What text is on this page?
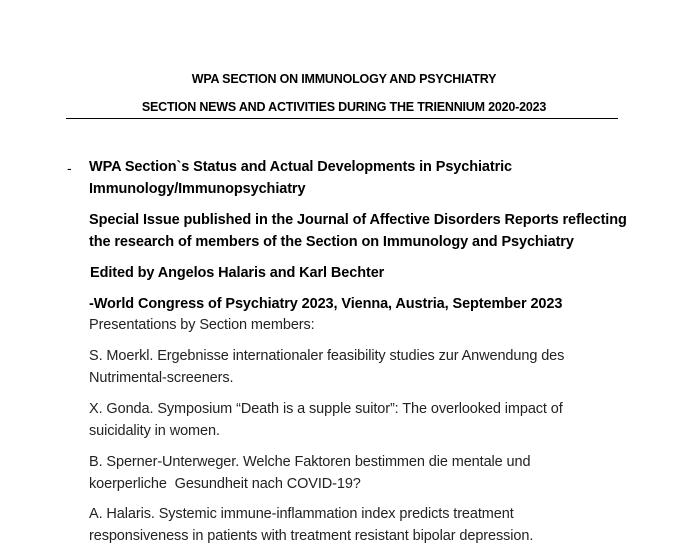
WPA SECTION ON IMMUNOLOGY AND PSYCHIATRY
SECTION NEWS AND ACTIVITIES DURING THE TRIENNIUM 2020-2023
- WPA Section`s Status and Actual Developments in Psychiatric
Immunology/Immunopsychiatry
Special Issue published in the Journal of Affective Disorders Reports reflecting
the research of members of the Section on Immunology and Psychiatry
Edited by Angelos Halaris and Karl Bechter
-World Congress of Psychiatry 2023, Vienna, Austria, September 2023
Presentations by Section members:
S. Moerkl. Ergebnisse internationaler feasibility studies zur Anwendung des
Nutrimental-screeners.
X. Gonda. Symposium “Death is a supple suitor”: The overlooked impact of
suicidality in women.
B. Sperner-Unterweger. Welche Faktoren bestimmen die mentale und
koerperliche  Gesundheit nach COVID-19?
A. Halaris. Systemic immune-inflammation index predicts treatment
responsiveness in patients with treatment resistant bipolar depression.
